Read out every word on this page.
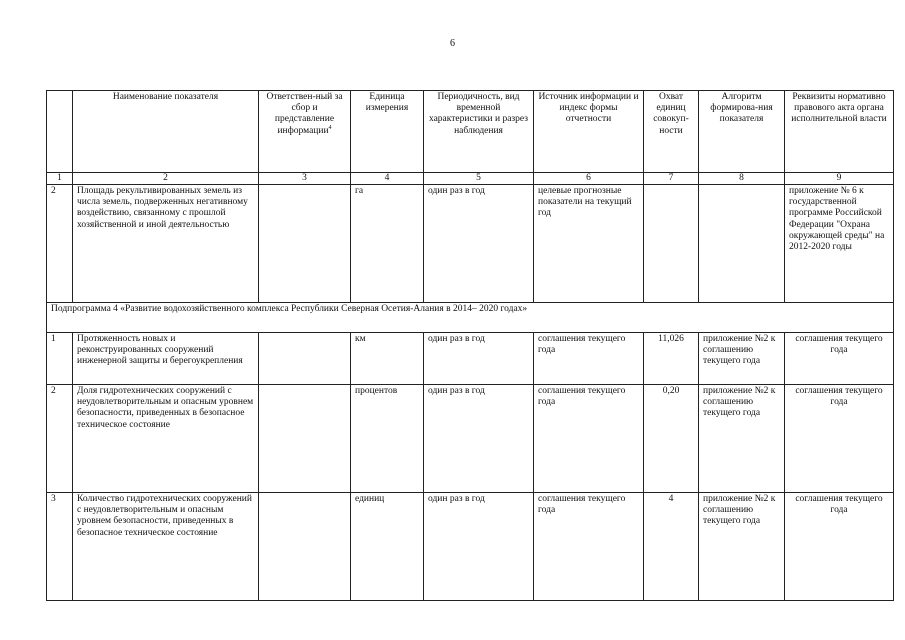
6
	Наименование показателя	Ответствен-ный за сбор и представление информации$^4$	Единица измерения	Периодичность, вид временной характеристики и разрез наблюдения	Источник информации и индекс формы отчетности	Охват единиц совокуп-ности	Алгоритм формирова-ния показателя	Реквизиты нормативно правового акта органа исполнительной власти
1	2	3	4	5	6	7	8	9
2	Площадь рекультивированных земель из числа земель, подверженных негативному воздействию, связанному с прошлой хозяйственной и иной деятельностью		га	один раз в год	целевые прогнозные показатели на текущий год			приложение № 6 к государственной программе Российской Федерации "Охрана окружающей среды" на 2012-2020 годы
Подпрограмма 4 «Развитие водохозяйственного комплекса Республики Северная Осетия-Алания в 2014– 2020 годах»								
1	Протяженность новых и реконструированных сооружений инженерной защиты и берегоукрепления		км	один раз в год	соглашения текущего года	11,026	приложение №2 к соглашению текущего года	соглашения текущего года
2	Доля гидротехнических сооружений с неудовлетворительным и опасным уровнем безопасности, приведенных в безопасное техническое состояние		процентов	один раз в год	соглашения текущего года	0,20	приложение №2 к соглашению текущего года	соглашения текущего года
3	Количество гидротехнических сооружений с неудовлетворительным и опасным уровнем безопасности, приведенных в безопасное техническое состояние		единиц	один раз в год	соглашения текущего года	4	приложение №2 к соглашению текущего года	соглашения текущего года
